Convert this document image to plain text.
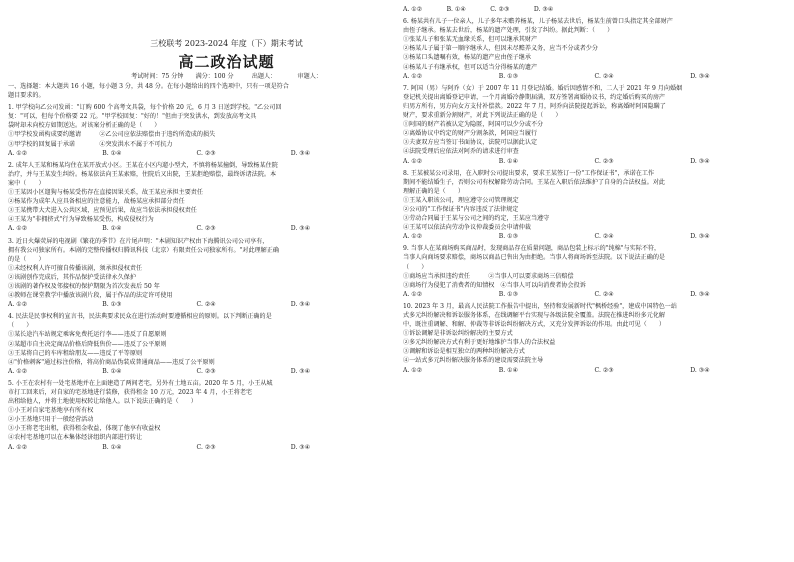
三校联考 2023-2024 年度（下）期末考试
高二政治试题
考试时间：75 分钟　　满分：100 分　　　出题人：　　　　审题人：
一、选择题：本大题共 16 小题，每小题 3 分，共 48 分。在每小题给出的四个选项中，只有一项是符合
题目要求的。
1. 甲学校向乙公司发函："订购 600 个高考文具袋，每个价格 20 元，6 月 3 日送到学校。"乙公司回
复："可以，但每个价格要 22 元。"甲学校回复："好的！"但由于突发洪水，到发放高考文具
袋时却未向校方如期送达。对该案分析正确的是（　　）
①甲学校发函构成要约邀请　　　②乙公司应依法赔偿由于违约所造成的损失
③甲学校的回复属于承诺　　　　④突发洪水不属于不可抗力
A. ①②	B. ①④	C. ②③	D. ③④
2. 成年人王某和杨某均住在某开放式小区。王某在小区内遛小型犬，不慎将杨某撞倒，导致杨某住院
治疗，并与王某发生纠纷。杨某依法向王某索赔，住院后又出院，王某拒绝赔偿，最终诉诸法院。本
案中（　　）
①王某因小区遛狗与杨某受伤存在直接因果关系，故王某应承担主要责任
②杨某作为成年人应具备相应的注意能力，故杨某应承担部分责任
③王某携带大犬进入公共区域，应预见后果，故应当依法承担侵权责任
④王某为"非拥挤式"行为导致杨某受伤，构成侵权行为
A. ①②	B. ①④	C. ②③	D. ③④
3. 近日火爆荧屏的电视剧《繁花的季节》在片尾声明："本剧知识产权由下海腾讯公司公司享有，
拥有我公司独家所有。本剧的完整传播权归腾讯科技（北京）有限责任公司独家所有。"对此理解正确
的是（　　）
①未经权利人许可擅自传播该剧，须承担侵权责任
②该剧创作完成后，其作品保护受法律永久保护
③该剧的著作权及邻接权的保护期限为首次发表后 50 年
④教师在课堂教学中播放该剧片段，属于作品的法定许可使用
A. ①②	B. ①③	C. ②④	D. ③④
4. 民法是民事权利的宣言书，民法典要求民众在进行活动时要遵循相应的原则。以下判断正确的是
（　　）
①某长途汽车站规定乘客免费托运行李——违反了自愿原则
②某超市自主决定商品价格后降低售价——违反了公平原则
③王某将自己的车库租给朋友——违反了平等原则
④"价格刺客"通过标注价格，将高价商品伪装成普通商品——违反了公平原则
A. ①②	B. ①④	C. ②③	D. ③④
5. 小王在农村有一处宅基地并在上面建造了两间老宅，另外有土地五亩。2020 年 5 月，小王从城
市打工回来后，对自家的宅基地进行装修，获得租金 10 万元，2023 年 4 月，小王将老宅
出租给他人，并将土地使用权转让给他人。以下说法正确的是（　　）
①小王对自家宅基地享有所有权
②小王基地只用于一般经营活动
③小王将老宅出租，获得租金收益，体现了他享有收益权
④农村宅基地可以在本集体经济组织内部进行转让
A. ①②	B. ①④	C. ②③	D. ③④
A. ①②　　　　B. ①④　　　　C. ②③　　　　D. ③④
6. 杨某共有儿子一位亲人，儿子多年未赡养杨某，儿子杨某去世后，杨某生前曾口头指定其全部财产
由侄子继承。杨某去世后，杨某的遗产处理，引发了纠纷。据此判断：（　　）
①张某儿子和张某无血缘关系，但可以继承其财产
②杨某儿子属于第一顺序继承人，但因未尽赡养义务，应当不分或者少分
③杨某口头遗嘱有效，杨某的遗产应由侄子继承
④杨某儿子有继承权，但可以适当分得杨某的遗产
A. ①②	B. ①③	C. ②④	D. ③④
7. 阿国（男）与阿乔（女）于 2007 年 11 月登记结婚。婚后因感情不和，二人于 2021 年 9 月向婚姻
登记机关提出离婚登记申请，一个月离婚冷静期届满，双方签署离婚协议书，约定婚后购买的房产
归男方所有，男方向女方支付补偿款。2022 年 7 月，阿乔向法院提起诉讼，称离婚时阿国隐瞒了
财产，要求重新分割财产，对此下列说法正确的是（　　）
①阿国的财产若被认定为隐匿，阿国可以少分或不分
②离婚协议中约定的财产分割条款，阿国应当履行
③夫妻双方应当签订书面协议，法院可以据此认定
④法院受理后应依法对阿乔的请求进行审查
A. ①②	B. ①④	C. ②③	D. ③④
8. 王某被某公司录用，在入职时公司提出要求，要求王某签订一份"工作保证书"，承诺在工作
期间不能结婚生子，否则公司有权解除劳动合同。王某在入职后依法维护了自身的合法权益。对此
理解正确的是（　　）
①王某入职该公司，理应遵守公司管理规定
②公司的"工作保证书"内容违反了法律规定
③劳动合同属于王某与公司之间的约定，王某应当遵守
④王某可以依法向劳动争议仲裁委员会申请仲裁
A. ①②	B. ①③	C. ②④	D. ③④
9. 当事人在某商场购买商品时，发现商品存在质量问题，商品包装上标示的"纯棉"与实际不符，
当事人向商场要求赔偿，商场以商品已售出为由拒绝。当事人将商场诉至法院。以下说法正确的是
（　　）
①商场应当承担违约责任　　　②当事人可以要求商场三倍赔偿
③商场行为侵犯了消费者的知情权　④当事人可以向消费者协会投诉
A. ①②	B. ①③	C. ②④	D. ③④
10. 2023 年 3 月，最高人民法院工作报告中提出，坚持和发展新时代"枫桥经验"，建成中国特色一站
式多元纠纷解决和诉讼服务体系，在线调解平台实现与各级法院全覆盖。法院在推进纠纷多元化解
中，既注重调解、和解、仲裁等非诉讼纠纷解决方式，又充分发挥诉讼的作用。由此可见（　　）
①诉讼调解是非诉讼纠纷解决的主要方式
②多元纠纷解决方式有利于更好地维护当事人的合法权益
③调解和诉讼是相互独立的两种纠纷解决方式
④一站式多元纠纷解决服务体系的建设需要法院主导
A. ①②	B. ①④	C. ②③	D. ③④
